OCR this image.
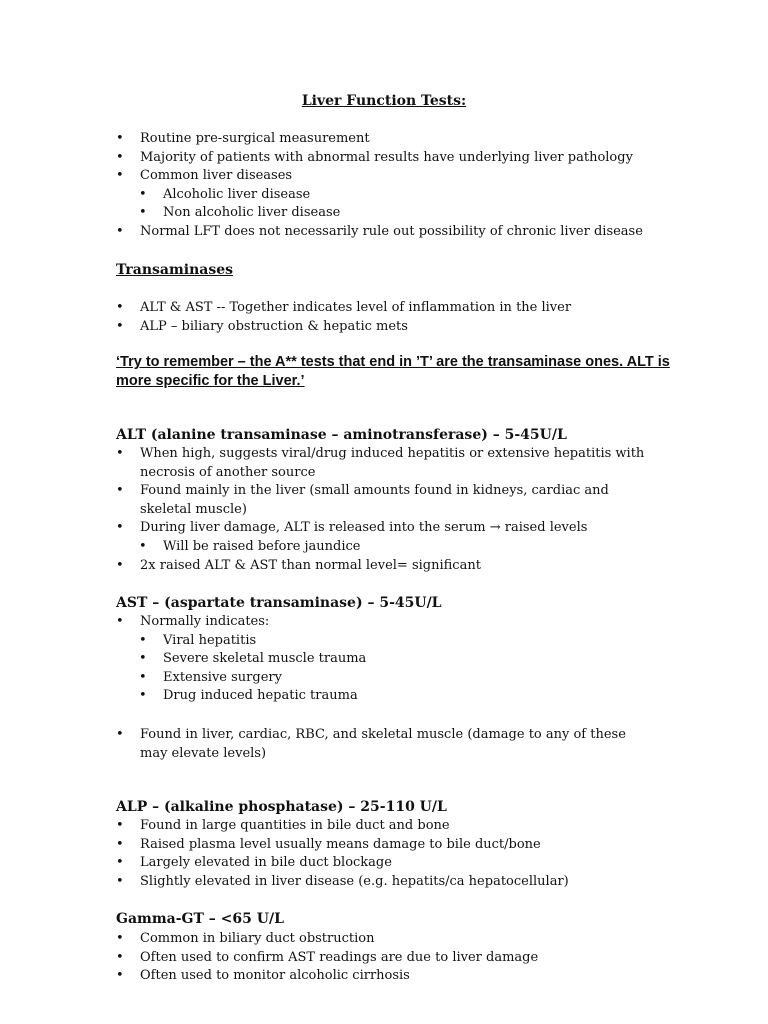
Liver Function Tests:
• Routine pre-surgical measurement
• Majority of patients with abnormal results have underlying liver pathology
• Common liver diseases
• Alcoholic liver disease
• Non alcoholic liver disease
• Normal LFT does not necessarily rule out possibility of chronic liver disease
Transaminases
• ALT & AST -- Together indicates level of inflammation in the liver
• ALP – biliary obstruction & hepatic mets
‘Try to remember – the A** tests that end in ’T’ are the transaminase ones. ALT is more specific for the Liver.’
ALT (alanine transaminase – aminotransferase) – 5-45U/L
• When high, suggests viral/drug induced hepatitis or extensive hepatitis with necrosis of another source
• Found mainly in the liver (small amounts found in kidneys, cardiac and skeletal muscle)
• During liver damage, ALT is released into the serum → raised levels
• Will be raised before jaundice
• 2x raised ALT & AST than normal level= significant
AST – (aspartate transaminase) – 5-45U/L
• Normally indicates:
• Viral hepatitis
• Severe skeletal muscle trauma
• Extensive surgery
• Drug induced hepatic trauma
• Found in liver, cardiac, RBC, and skeletal muscle (damage to any of these may elevate levels)
ALP – (alkaline phosphatase) – 25-110 U/L
• Found in large quantities in bile duct and bone
• Raised plasma level usually means damage to bile duct/bone
• Largely elevated in bile duct blockage
• Slightly elevated in liver disease (e.g. hepatits/ca hepatocellular)
Gamma-GT – <65 U/L
• Common in biliary duct obstruction
• Often used to confirm AST readings are due to liver damage
• Often used to monitor alcoholic cirrhosis
